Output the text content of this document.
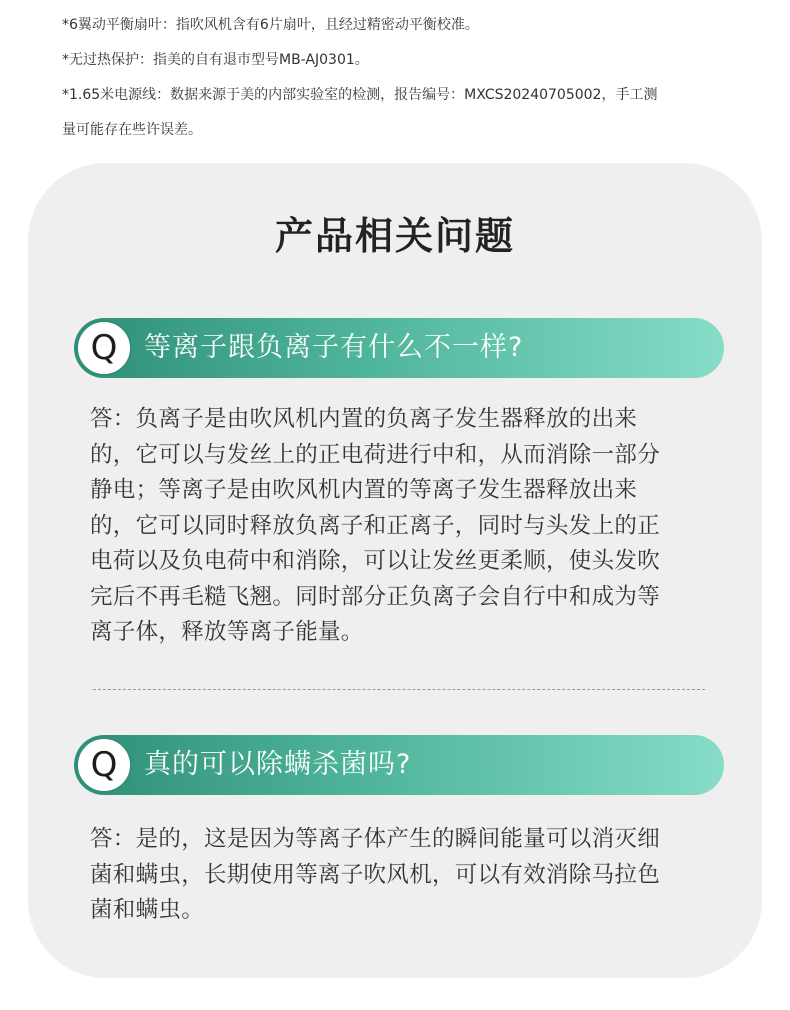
*6翼动平衡扇叶：指吹风机含有6片扇叶，且经过精密动平衡校准。

*无过热保护：指美的自有退市型号MB-AJ0301。

*1.65米电源线：数据来源于美的内部实验室的检测，报告编号：MXCS20240705002，手工测

量可能存在些许误差。

产品相关问题
Q 等离子跟负离子有什么不一样?
答：负离子是由吹风机内置的负离子发生器释放的出来
的，它可以与发丝上的正电荷进行中和，从而消除一部分
静电；等离子是由吹风机内置的等离子发生器释放出来
的，它可以同时释放负离子和正离子，同时与头发上的正
电荷以及负电荷中和消除，可以让发丝更柔顺，使头发吹
完后不再毛糙飞翘。同时部分正负离子会自行中和成为等
离子体，释放等离子能量。
Q 真的可以除螨杀菌吗?
答：是的，这是因为等离子体产生的瞬间能量可以消灭细
菌和螨虫，长期使用等离子吹风机，可以有效消除马拉色
菌和螨虫。
